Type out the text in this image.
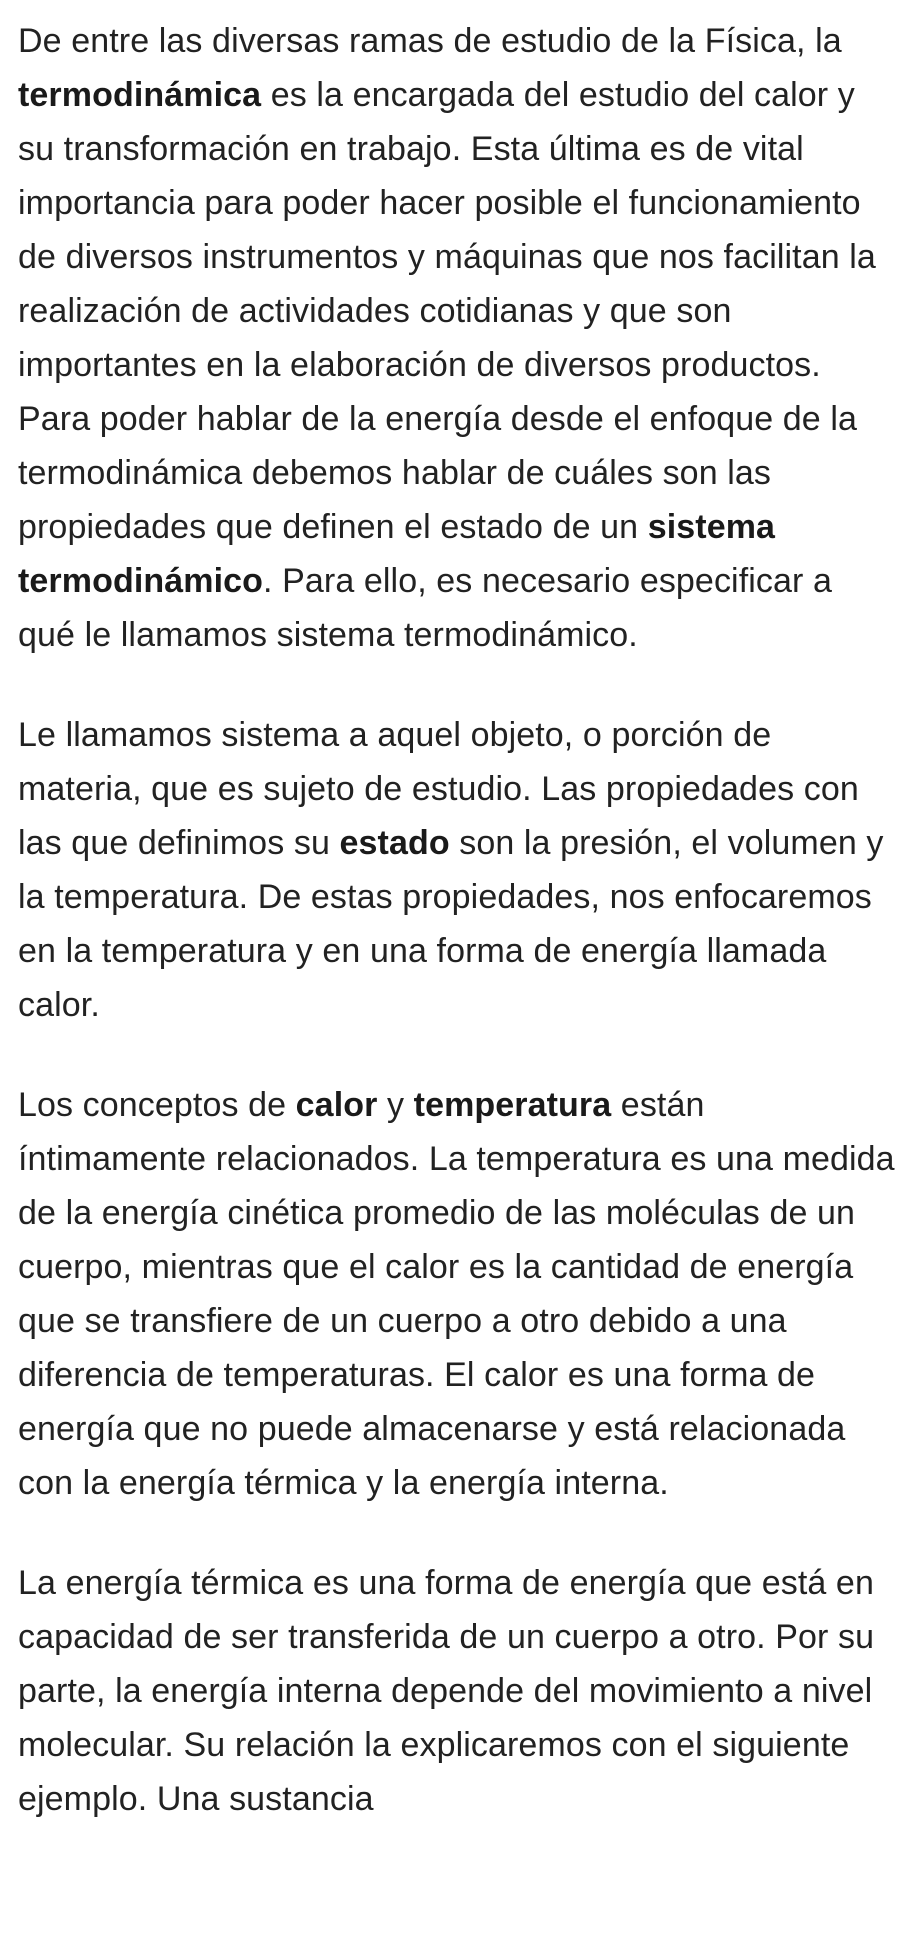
De entre las diversas ramas de estudio de la Física, la termodinámica es la encargada del estudio del calor y su transformación en trabajo. Esta última es de vital importancia para poder hacer posible el funcionamiento de diversos instrumentos y máquinas que nos facilitan la realización de actividades cotidianas y que son importantes en la elaboración de diversos productos. Para poder hablar de la energía desde el enfoque de la termodinámica debemos hablar de cuáles son las propiedades que definen el estado de un sistema termodinámico. Para ello, es necesario especificar a qué le llamamos sistema termodinámico.

Le llamamos sistema a aquel objeto, o porción de materia, que es sujeto de estudio. Las propiedades con las que definimos su estado son la presión, el volumen y la temperatura. De estas propiedades, nos enfocaremos en la temperatura y en una forma de energía llamada calor.

Los conceptos de calor y temperatura están íntimamente relacionados. La temperatura es una medida de la energía cinética promedio de las moléculas de un cuerpo, mientras que el calor es la cantidad de energía que se transfiere de un cuerpo a otro debido a una diferencia de temperaturas. El calor es una forma de energía que no puede almacenarse y está relacionada con la energía térmica y la energía interna.

La energía térmica es una forma de energía que está en capacidad de ser transferida de un cuerpo a otro. Por su parte, la energía interna depende del movimiento a nivel molecular. Su relación la explicaremos con el siguiente ejemplo. Una sustancia
